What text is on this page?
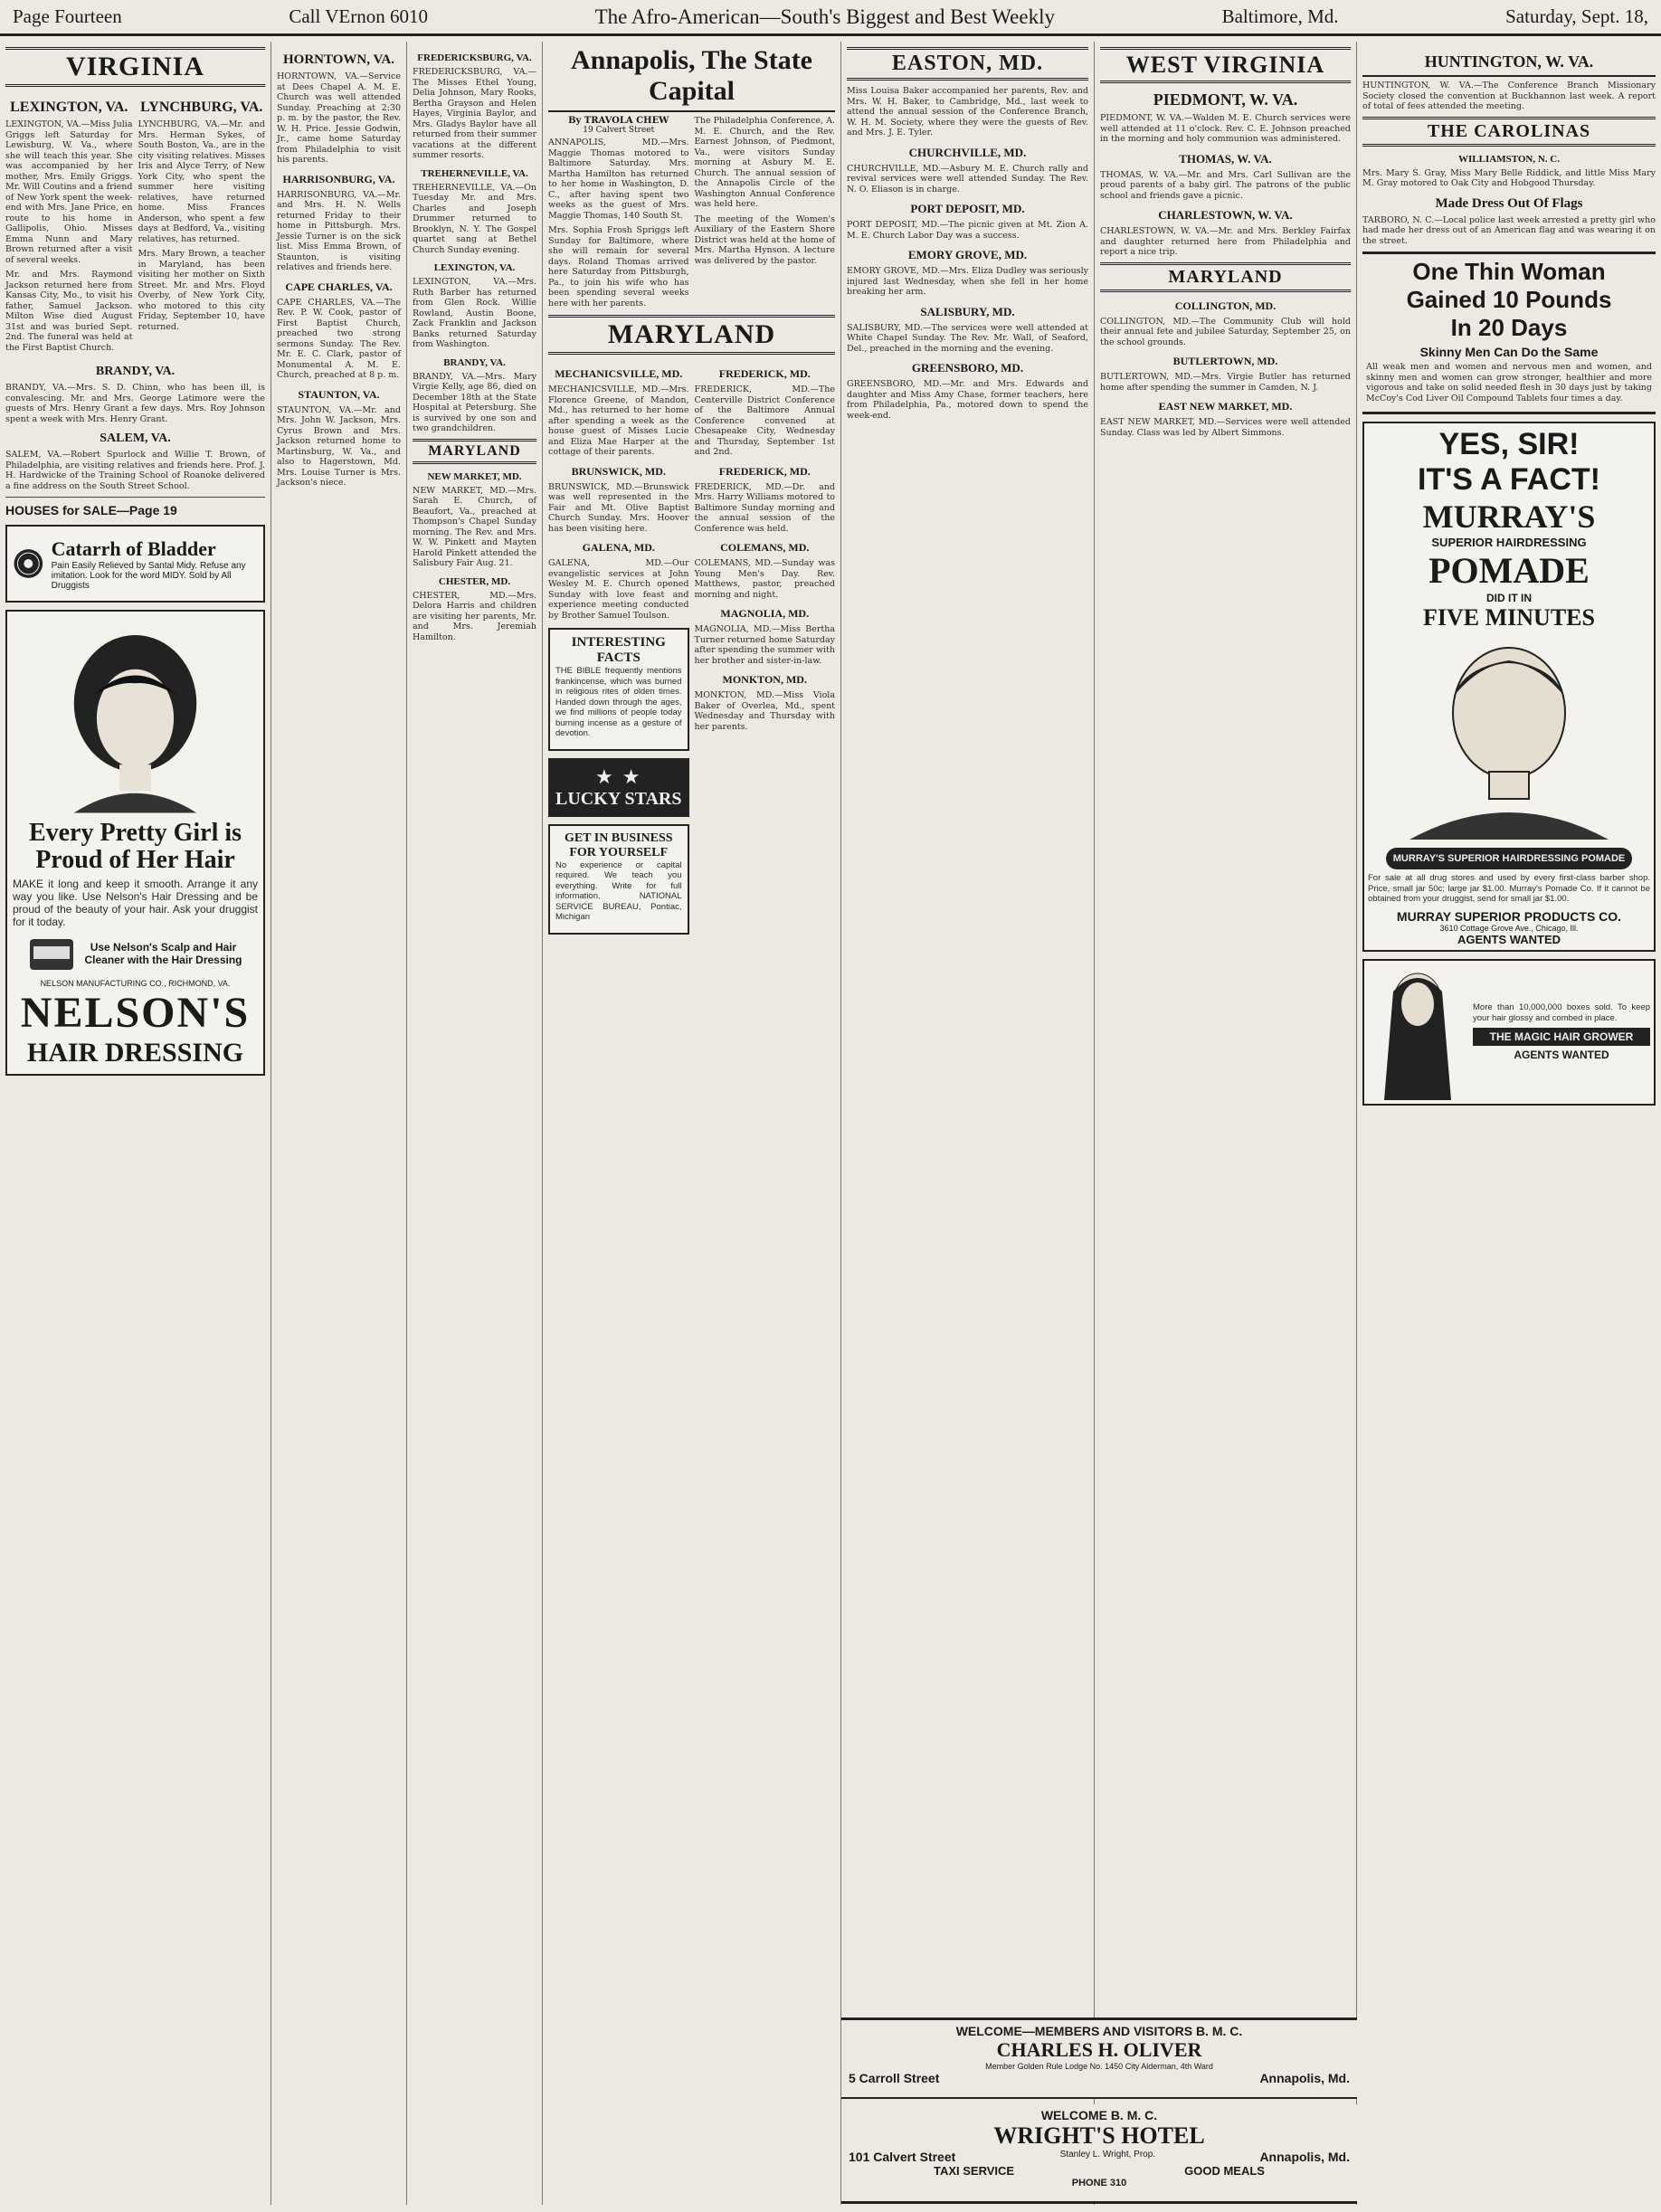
Page Fourteen	Call VErnon 6010	The Afro-American—South's Biggest and Best Weekly	Baltimore, Md.	Saturday, Sept. 18,
VIRGINIA
LEXINGTON, VA.

LEXINGTON, VA.—Miss Julia Griggs left Saturday for Lewisburg, W. Va., where she will teach this year. She was accompanied by her mother, Mrs. Emily Griggs. Mr. Will Coutins and a friend of New York spent the week-end with Mrs. Jane Price, en route to his home in Gallipolis, Ohio. Misses Emma Nunn and Mary Brown returned after a visit of several weeks.

Mr. and Mrs. Raymond Jackson returned here from Kansas City, Mo., to visit his father, Samuel Jackson. Milton Wise died August 31st and was buried Sept. 2nd. The funeral was held at the First Baptist Church.

LYNCHBURG, VA.

LYNCHBURG, VA.—Mr. and Mrs. Herman Sykes, of South Boston, Va., are in the city visiting relatives. Misses Iris and Alyce Terry, of New York City, who spent the summer here visiting relatives, have returned home. Miss Frances Anderson, who spent a few days at Bedford, Va., visiting relatives, has returned.

Mrs. Mary Brown, a teacher in Maryland, has been visiting her mother on Sixth Street. Mr. and Mrs. Floyd Overby, of New York City, who motored to this city Friday, September 10, have returned.

BRANDY, VA.

BRANDY, VA.—Mrs. S. D. Chinn, who has been ill, is convalescing. Mr. and Mrs. George Latimore were the guests of Mrs. Henry Grant a few days. Mrs. Roy Johnson spent a week with Mrs. Henry Grant.

SALEM, VA.

SALEM, VA.—Robert Spurlock and Willie T. Brown, of Philadelphia, are visiting relatives and friends here. Prof. J. H. Hardwicke of the Training School of Roanoke delivered a fine address on the South Street School.

HOUSES for SALE—Page 19
Catarrh of Bladder
Pain Easily Relieved by Santal Midy. Refuse any imitation. Look for the word MIDY. Sold by All Druggists
Every Pretty Girl is Proud of Her Hair

MAKE it long and keep it smooth. Arrange it any way you like. Use Nelson's Hair Dressing and be proud of the beauty of your hair. Ask your druggist for it today.

Use Nelson's Scalp and Hair Cleaner with the Hair Dressing
NELSON MANUFACTURING CO., RICHMOND, VA.
NELSON'S
HAIR DRESSING
HORNTOWN, VA.

HORNTOWN, VA.—Service at Dees Chapel A. M. E. Church was well attended Sunday. Preaching at 2:30 p. m. by the pastor, the Rev. W. H. Price. Jessie Godwin, Jr., came home Saturday from Philadelphia to visit his parents.

HARRISONBURG, VA.

HARRISONBURG, VA.—Mr. and Mrs. H. N. Wells returned Friday to their home in Pittsburgh. Mrs. Jessie Turner is on the sick list. Miss Emma Brown, of Staunton, is visiting relatives and friends here.

CAPE CHARLES, VA.

CAPE CHARLES, VA.—The Rev. P. W. Cook, pastor of First Baptist Church, preached two strong sermons Sunday. The Rev. Mr. E. C. Clark, pastor of Monumental A. M. E. Church, preached at 8 p. m.

STAUNTON, VA.

STAUNTON, VA.—Mr. and Mrs. John W. Jackson, Mrs. Cyrus Brown and Mrs. Jackson returned home to Martinsburg, W. Va., and also to Hagerstown, Md. Mrs. Louise Turner is Mrs. Jackson's niece.

FREDERICKSBURG, VA.

FREDERICKSBURG, VA.—The Misses Ethel Young, Delia Johnson, Mary Rooks, Bertha Grayson and Helen Hayes, Virginia Baylor, and Mrs. Gladys Baylor have all returned from their summer vacations at the different summer resorts.

TREHERNEVILLE, VA.

TREHERNEVILLE, VA.—On Tuesday Mr. and Mrs. Charles and Joseph Drummer returned to Brooklyn, N. Y. The Gospel quartet sang at Bethel Church Sunday evening.

LEXINGTON, VA.

LEXINGTON, VA.—Mrs. Ruth Barber has returned from Glen Rock. Willie Rowland, Austin Boone, Zack Franklin and Jackson Banks returned Saturday from Washington.

BRANDY, VA.

BRANDY, VA.—Mrs. Mary Virgie Kelly, age 86, died on December 18th at the State Hospital at Petersburg. She is survived by one son and two grandchildren.

MARYLAND
NEW MARKET, MD.

NEW MARKET, MD.—Mrs. Sarah E. Church, of Beaufort, Va., preached at Thompson's Chapel Sunday morning. The Rev. and Mrs. W. W. Pinkett and Mayten Harold Pinkett attended the Salisbury Fair Aug. 21.

CHESTER, MD.

CHESTER, MD.—Mrs. Delora Harris and children are visiting her parents, Mr. and Mrs. Jeremiah Hamilton.

Annapolis, The State Capital
By TRAVOLA CHEW
19 Calvert Street

ANNAPOLIS, MD.—Mrs. Maggie Thomas motored to Baltimore Saturday. Mrs. Martha Hamilton has returned to her home in Washington, D. C., after having spent two weeks as the guest of Mrs. Maggie Thomas, 140 South St.

Mrs. Sophia Frosh Spriggs left Sunday for Baltimore, where she will remain for several days. Roland Thomas arrived here Saturday from Pittsburgh, Pa., to join his wife who has been spending several weeks here with her parents.

The Philadelphia Conference, A. M. E. Church, and the Rev. Earnest Johnson, of Piedmont, Va., were visitors Sunday morning at Asbury M. E. Church. The annual session of the Annapolis Circle of the Washington Annual Conference was held here.

The meeting of the Women's Auxiliary of the Eastern Shore District was held at the home of Mrs. Martha Hynson. A lecture was delivered by the pastor.

MARYLAND
MECHANICSVILLE, MD.

MECHANICSVILLE, MD.—Mrs. Florence Greene, of Mandon, Md., has returned to her home after spending a week as the house guest of Misses Lucie and Eliza Mae Harper at the cottage of their parents.

BRUNSWICK, MD.

BRUNSWICK, MD.—Brunswick was well represented in the Fair and Mt. Olive Baptist Church Sunday. Mrs. Hoover has been visiting here.

GALENA, MD.

GALENA, MD.—Our evangelistic services at John Wesley M. E. Church opened Sunday with love feast and experience meeting conducted by Brother Samuel Toulson.

INTERESTING FACTS

THE BIBLE frequently mentions frankincense, which was burned in religious rites of olden times. Handed down through the ages, we find millions of people today burning incense as a gesture of devotion.

★ ★
LUCKY STARS
GET IN BUSINESS FOR YOURSELF

No experience or capital required. We teach you everything. Write for full information. NATIONAL SERVICE BUREAU, Pontiac, Michigan

FREDERICK, MD.

FREDERICK, MD.—The Centerville District Conference of the Baltimore Annual Conference convened at Chesapeake City, Wednesday and Thursday, September 1st and 2nd.

FREDERICK, MD.

FREDERICK, MD.—Dr. and Mrs. Harry Williams motored to Baltimore Sunday morning and the annual session of the Conference was held.

COLEMANS, MD.

COLEMANS, MD.—Sunday was Young Men's Day. Rev. Matthews, pastor, preached morning and night.

MAGNOLIA, MD.

MAGNOLIA, MD.—Miss Bertha Turner returned home Saturday after spending the summer with her brother and sister-in-law.

MONKTON, MD.

MONKTON, MD.—Miss Viola Baker of Overlea, Md., spent Wednesday and Thursday with her parents.

EASTON, MD.

Miss Louisa Baker accompanied her parents, Rev. and Mrs. W. H. Baker, to Cambridge, Md., last week to attend the annual session of the Conference Branch, W. H. M. Society, where they were the guests of Rev. and Mrs. J. E. Tyler.

CHURCHVILLE, MD.

CHURCHVILLE, MD.—Asbury M. E. Church rally and revival services were well attended Sunday. The Rev. N. O. Eliason is in charge.

PORT DEPOSIT, MD.

PORT DEPOSIT, MD.—The picnic given at Mt. Zion A. M. E. Church Labor Day was a success.

EMORY GROVE, MD.

EMORY GROVE, MD.—Mrs. Eliza Dudley was seriously injured last Wednesday, when she fell in her home breaking her arm.

SALISBURY, MD.

SALISBURY, MD.—The services were well attended at White Chapel Sunday. The Rev. Mr. Wall, of Seaford, Del., preached in the morning and the evening.

GREENSBORO, MD.

GREENSBORO, MD.—Mr. and Mrs. Edwards and daughter and Miss Amy Chase, former teachers, here from Philadelphia, Pa., motored down to spend the week-end.

WEST VIRGINIA
PIEDMONT, W. VA.

PIEDMONT, W. VA.—Walden M. E. Church services were well attended at 11 o'clock. Rev. C. E. Johnson preached in the morning and holy communion was administered.

THOMAS, W. VA.

THOMAS, W. VA.—Mr. and Mrs. Carl Sullivan are the proud parents of a baby girl. The patrons of the public school and friends gave a picnic.

CHARLESTOWN, W. VA.

CHARLESTOWN, W. VA.—Mr. and Mrs. Berkley Fairfax and daughter returned here from Philadelphia and report a nice trip.

MARYLAND
COLLINGTON, MD.

COLLINGTON, MD.—The Community Club will hold their annual fete and jubilee Saturday, September 25, on the school grounds.

BUTLERTOWN, MD.

BUTLERTOWN, MD.—Mrs. Virgie Butler has returned home after spending the summer in Camden, N. J.

EAST NEW MARKET, MD.

EAST NEW MARKET, MD.—Services were well attended Sunday. Class was led by Albert Simmons.

WELCOME—MEMBERS AND VISITORS B. M. C.
CHARLES H. OLIVER
Member Golden Rule Lodge No. 1450 City Alderman, 4th Ward
5 Carroll Street	Annapolis, Md.
WELCOME B. M. C.
WRIGHT'S HOTEL
101 Calvert Street	Stanley L. Wright, Prop.	Annapolis, Md.
TAXI SERVICE	GOOD MEALS
PHONE 310
HUNTINGTON, W. VA.

HUNTINGTON, W. VA.—The Conference Branch Missionary Society closed the convention at Buckhannon last week. A report of total of fees attended the meeting.

THE CAROLINAS
WILLIAMSTON, N. C.

Mrs. Mary S. Gray, Miss Mary Belle Riddick, and little Miss Mary M. Gray motored to Oak City and Hobgood Thursday.

Made Dress Out Of Flags

TARBORO, N. C.—Local police last week arrested a pretty girl who had made her dress out of an American flag and was wearing it on the street.

One Thin Woman
Gained 10 Pounds
In 20 Days
Skinny Men Can Do the Same

All weak men and women and nervous men and women, and skinny men and women can grow stronger, healthier and more vigorous and take on solid needed flesh in 30 days just by taking McCoy's Cod Liver Oil Compound Tablets four times a day.

YES, SIR!
IT'S A FACT!
MURRAY'S
SUPERIOR HAIRDRESSING
POMADE
DID IT IN
FIVE MINUTES
MURRAY'S SUPERIOR HAIRDRESSING POMADE

For sale at all drug stores and used by every first-class barber shop. Price, small jar 50c; large jar $1.00. Murray's Pomade Co. If it cannot be obtained from your druggist, send for small jar $1.00.

MURRAY SUPERIOR PRODUCTS CO.
3610 Cottage Grove Ave., Chicago, Ill.
AGENTS WANTED

More than 10,000,000 boxes sold. To keep your hair glossy and combed in place.

THE MAGIC HAIR GROWER
AGENTS WANTED
